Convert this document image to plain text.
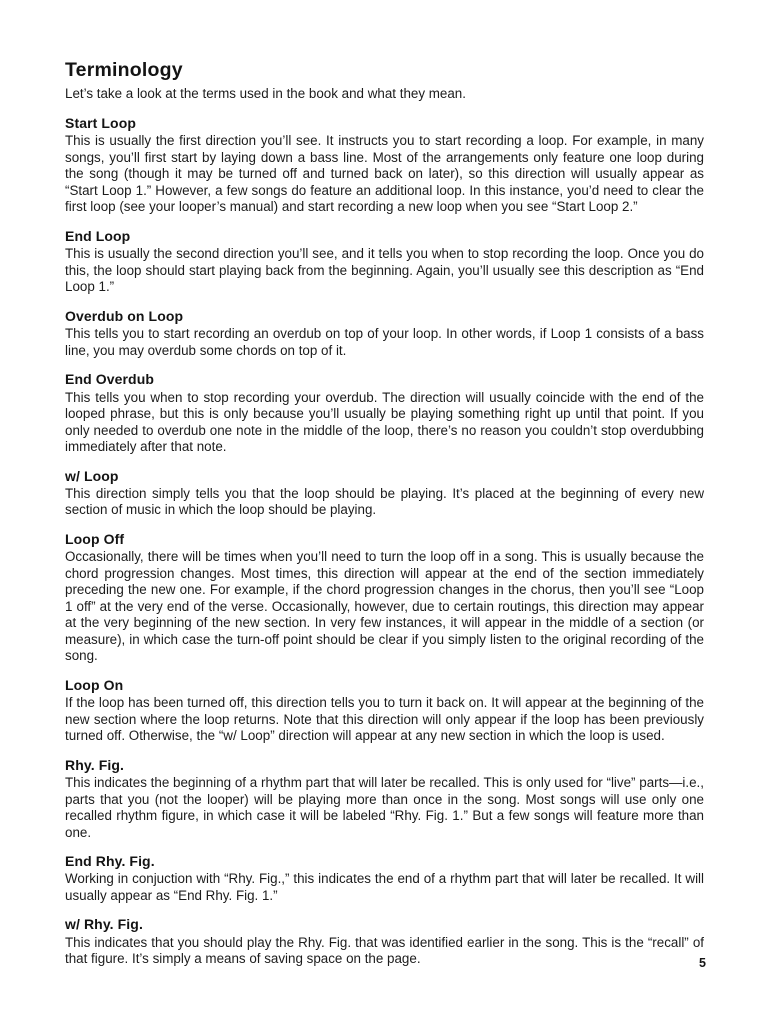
Terminology

Let’s take a look at the terms used in the book and what they mean.

Start Loop

This is usually the first direction you’ll see. It instructs you to start recording a loop. For example, in many songs, you’ll first start by laying down a bass line. Most of the arrangements only feature one loop during the song (though it may be turned off and turned back on later), so this direction will usually appear as “Start Loop 1.” However, a few songs do feature an additional loop. In this instance, you’d need to clear the first loop (see your looper’s manual) and start recording a new loop when you see “Start Loop 2.”

End Loop

This is usually the second direction you’ll see, and it tells you when to stop recording the loop. Once you do this, the loop should start playing back from the beginning. Again, you’ll usually see this description as “End Loop 1.”

Overdub on Loop

This tells you to start recording an overdub on top of your loop. In other words, if Loop 1 consists of a bass line, you may overdub some chords on top of it.

End Overdub

This tells you when to stop recording your overdub. The direction will usually coincide with the end of the looped phrase, but this is only because you’ll usually be playing something right up until that point. If you only needed to overdub one note in the middle of the loop, there’s no reason you couldn’t stop overdubbing immediately after that note.

w/ Loop

This direction simply tells you that the loop should be playing. It’s placed at the beginning of every new section of music in which the loop should be playing.

Loop Off

Occasionally, there will be times when you’ll need to turn the loop off in a song. This is usually because the chord progression changes. Most times, this direction will appear at the end of the section immediately preceding the new one. For example, if the chord progression changes in the chorus, then you’ll see “Loop 1 off” at the very end of the verse. Occasionally, however, due to certain routings, this direction may appear at the very beginning of the new section. In very few instances, it will appear in the middle of a section (or measure), in which case the turn-off point should be clear if you simply listen to the original recording of the song.

Loop On

If the loop has been turned off, this direction tells you to turn it back on. It will appear at the beginning of the new section where the loop returns. Note that this direction will only appear if the loop has been previously turned off. Otherwise, the “w/ Loop” direction will appear at any new section in which the loop is used.

Rhy. Fig.

This indicates the beginning of a rhythm part that will later be recalled. This is only used for “live” parts—i.e., parts that you (not the looper) will be playing more than once in the song. Most songs will use only one recalled rhythm figure, in which case it will be labeled “Rhy. Fig. 1.” But a few songs will feature more than one.

End Rhy. Fig.

Working in conjuction with “Rhy. Fig.,” this indicates the end of a rhythm part that will later be recalled. It will usually appear as “End Rhy. Fig. 1.”

w/ Rhy. Fig.

This indicates that you should play the Rhy. Fig. that was identified earlier in the song. This is the “recall” of that figure. It’s simply a means of saving space on the page.	5
